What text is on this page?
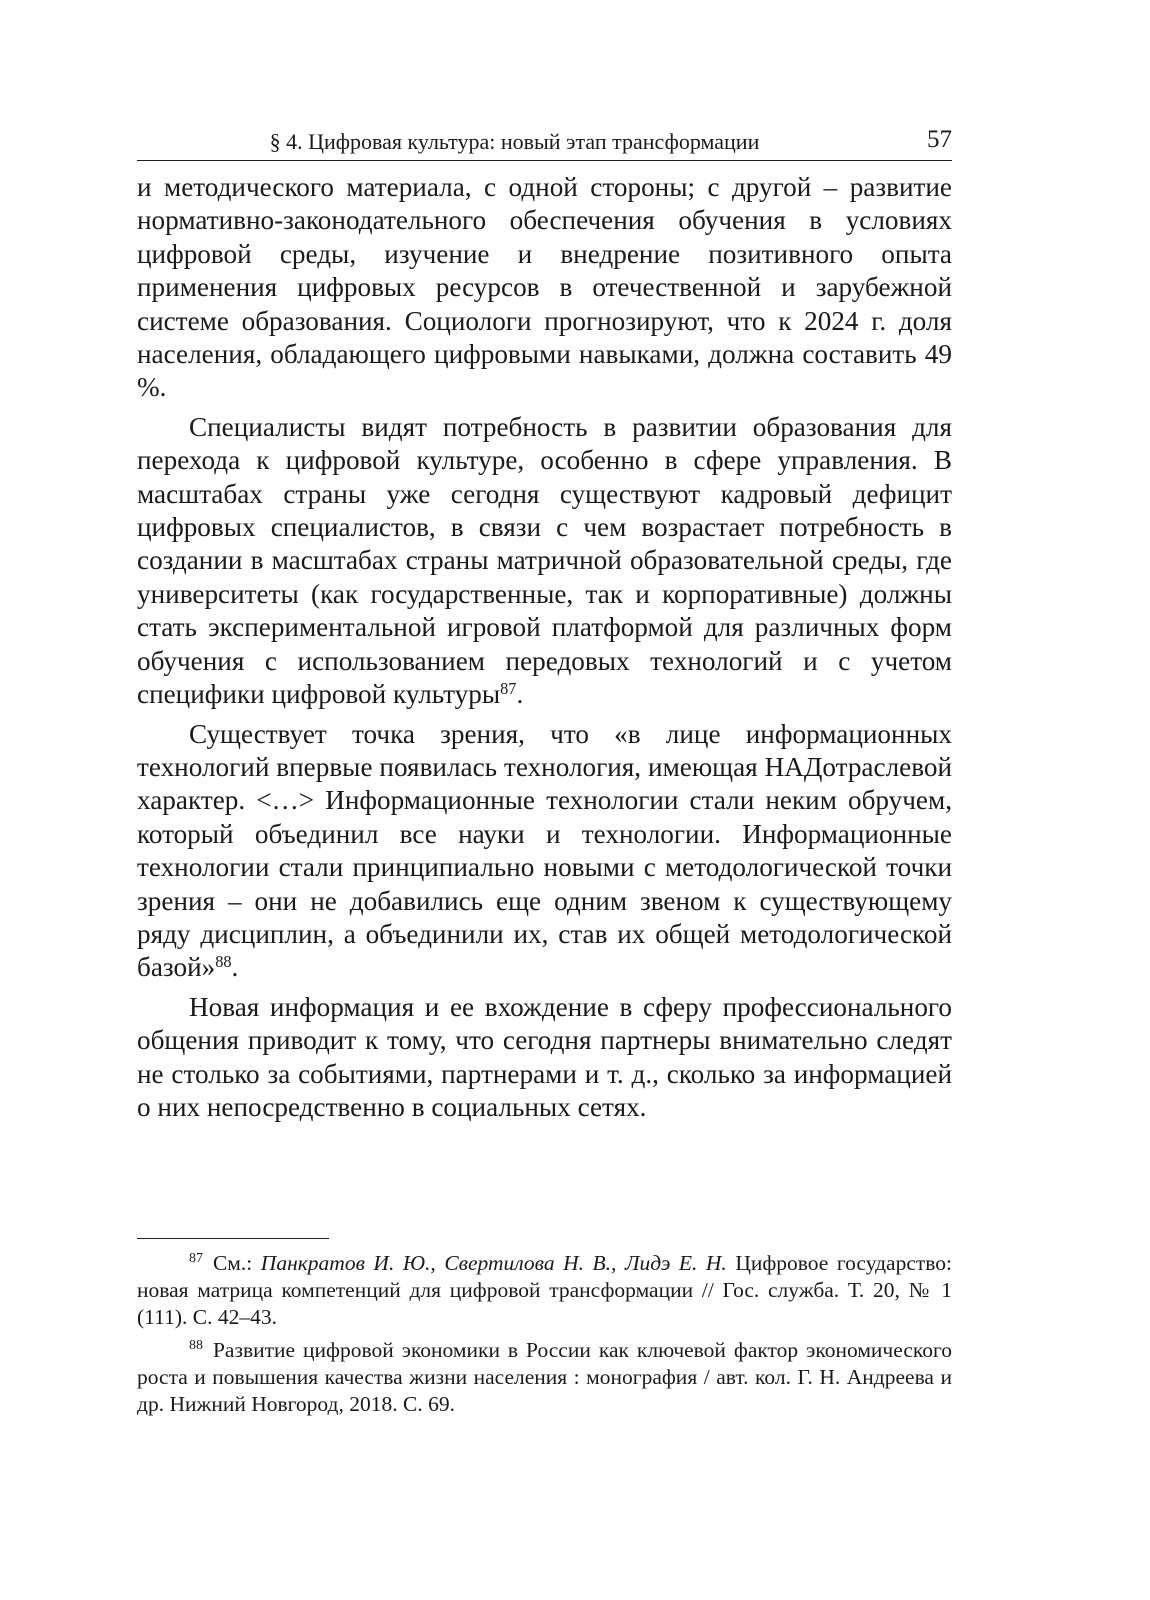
§ 4. Цифровая культура: новый этап трансформации	57

и методического материала, с одной стороны; с другой – развитие нормативно-законодательного обеспечения обучения в условиях цифровой среды, изучение и внедрение позитивного опыта применения цифровых ресурсов в отечественной и зарубежной системе образования. Социологи прогнозируют, что к 2024 г. доля населения, обладающего цифровыми навыками, должна составить 49 %.

Специалисты видят потребность в развитии образования для перехода к цифровой культуре, особенно в сфере управления. В масштабах страны уже сегодня существуют кадровый дефицит цифровых специалистов, в связи с чем возрастает потребность в создании в масштабах страны матричной образовательной среды, где университеты (как государственные, так и корпоративные) должны стать экспериментальной игровой платформой для различных форм обучения с использованием передовых технологий и с учетом специфики цифровой культуры$^{87}$.

Существует точка зрения, что «в лице информационных технологий впервые появилась технология, имеющая НАДотраслевой характер. <…> Информационные технологии стали неким обручем, который объединил все науки и технологии. Информационные технологии стали принципиально новыми с методологической точки зрения – они не добавились еще одним звеном к существующему ряду дисциплин, а объединили их, став их общей методологической базой»$^{88}$.

Новая информация и ее вхождение в сферу профессионального общения приводит к тому, что сегодня партнеры внимательно следят не столько за событиями, партнерами и т. д., сколько за информацией о них непосредственно в социальных сетях.

$^{87}$ См.: Панкратов И. Ю., Свертилова Н. В., Лидэ Е. Н. Цифровое государство: новая матрица компетенций для цифровой трансформации // Гос. служба. Т. 20, № 1 (111). С. 42–43.

$^{88}$ Развитие цифровой экономики в России как ключевой фактор экономического роста и повышения качества жизни населения : монография / авт. кол. Г. Н. Андреева и др. Нижний Новгород, 2018. С. 69.
